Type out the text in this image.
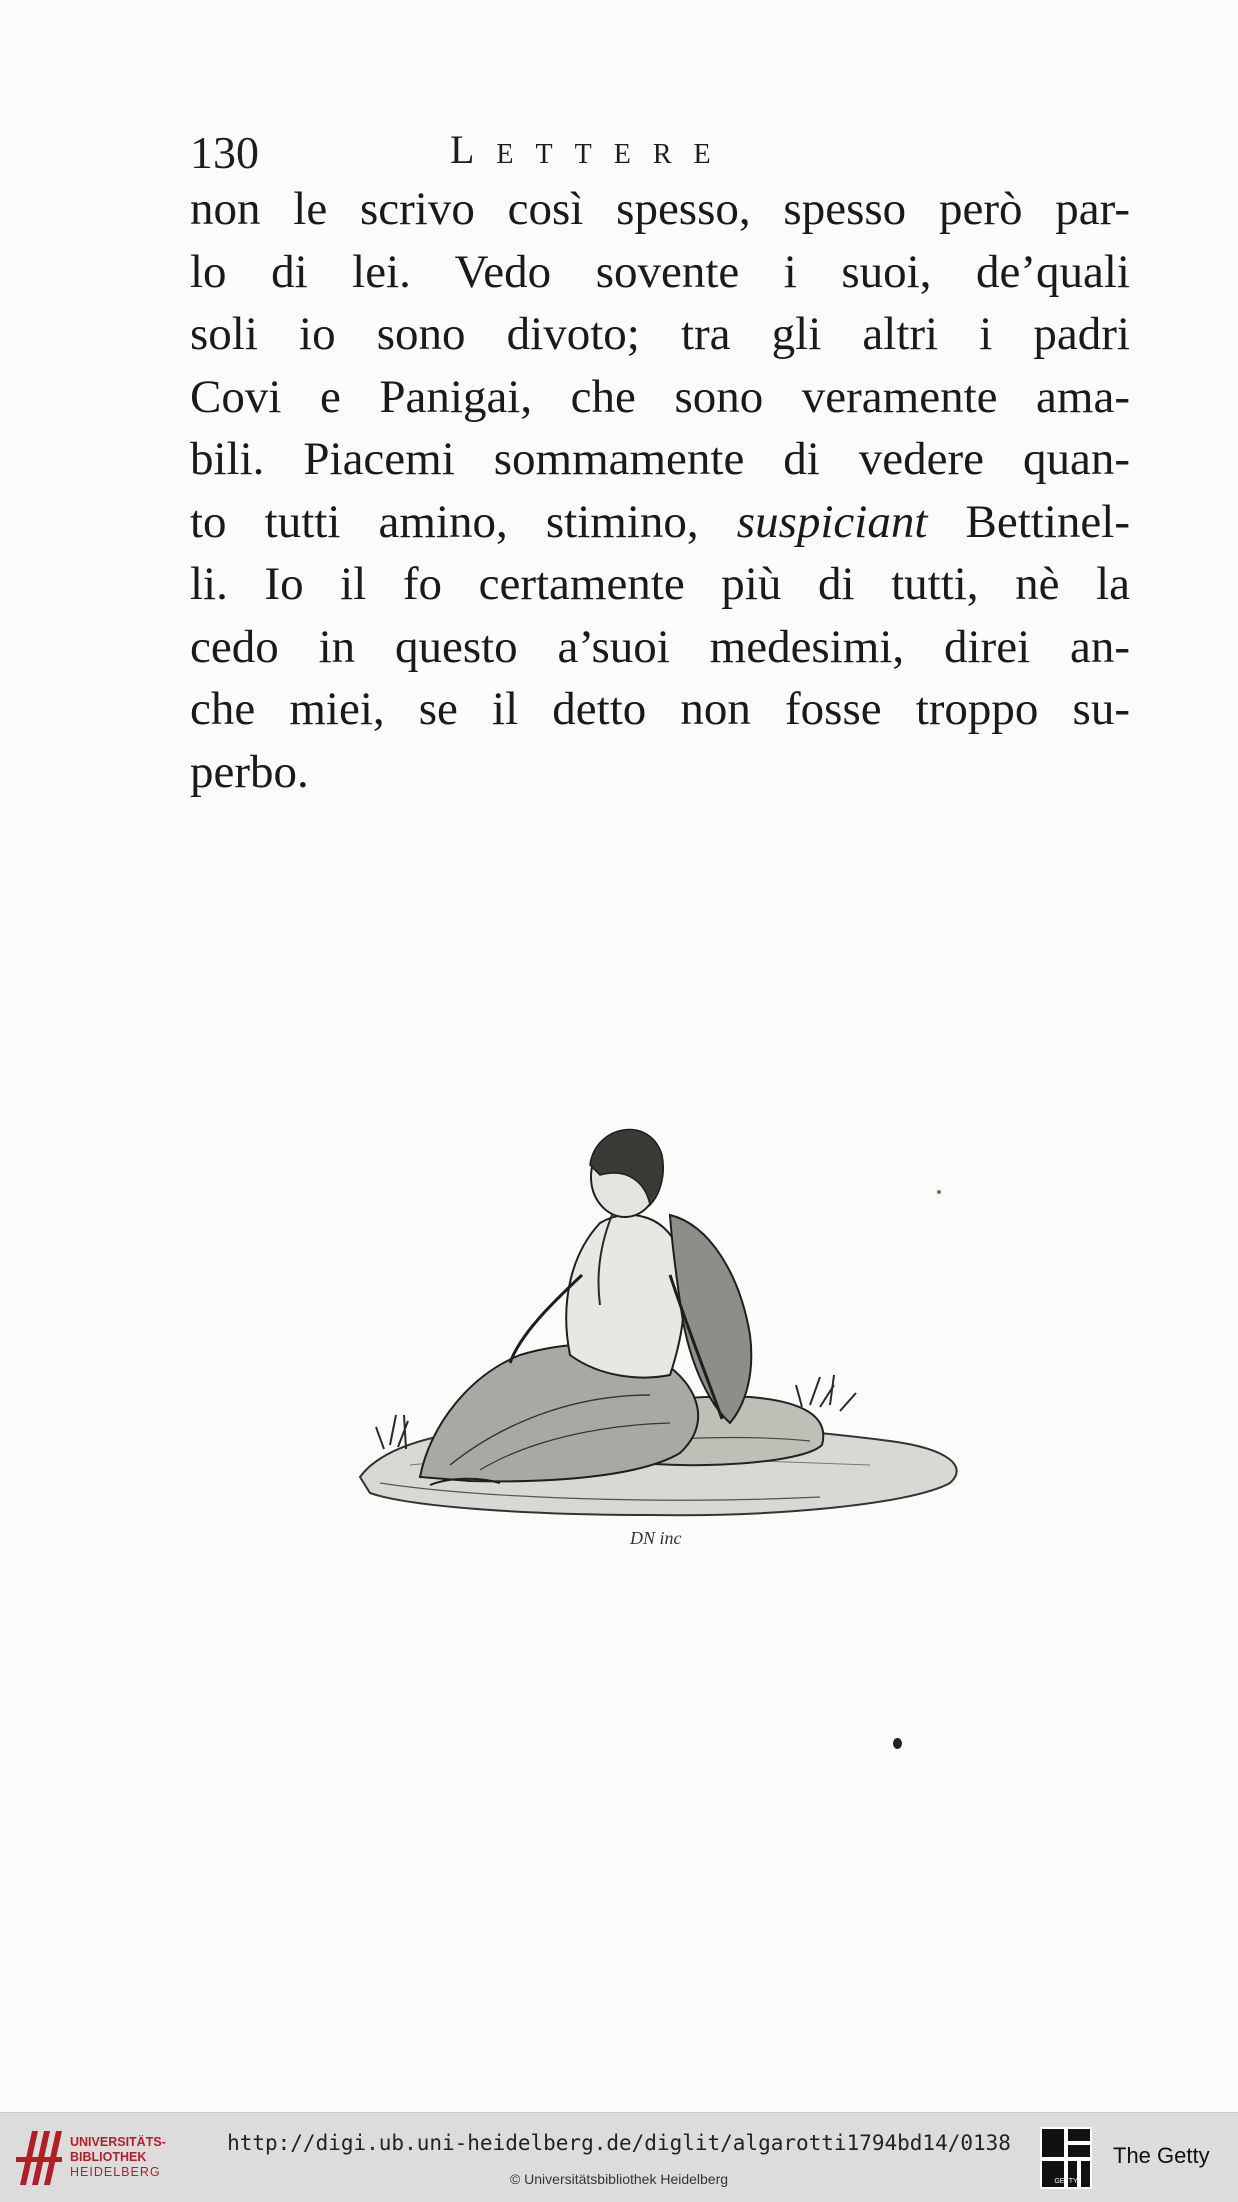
130	Lettere
non le scrivo così spesso, spesso però par-
lo di lei. Vedo sovente i suoi, de’quali
soli io sono divoto; tra gli altri i padri
Covi e Panigai, che sono veramente ama-
bili. Piacemi sommamente di vedere quan-
to tutti amino, stimino, suspiciant Bettinel-
li. Io il fo certamente più di tutti, nè la
cedo in questo a’suoi medesimi, direi an-
che miei, se il detto non fosse troppo su-
perbo.
DN inc
UNIVERSITÄTS-
BIBLIOTHEK
HEIDELBERG
http://digi.ub.uni-heidelberg.de/diglit/algarotti1794bd14/0138
© Universitätsbibliothek Heidelberg	GETTY
The Getty
